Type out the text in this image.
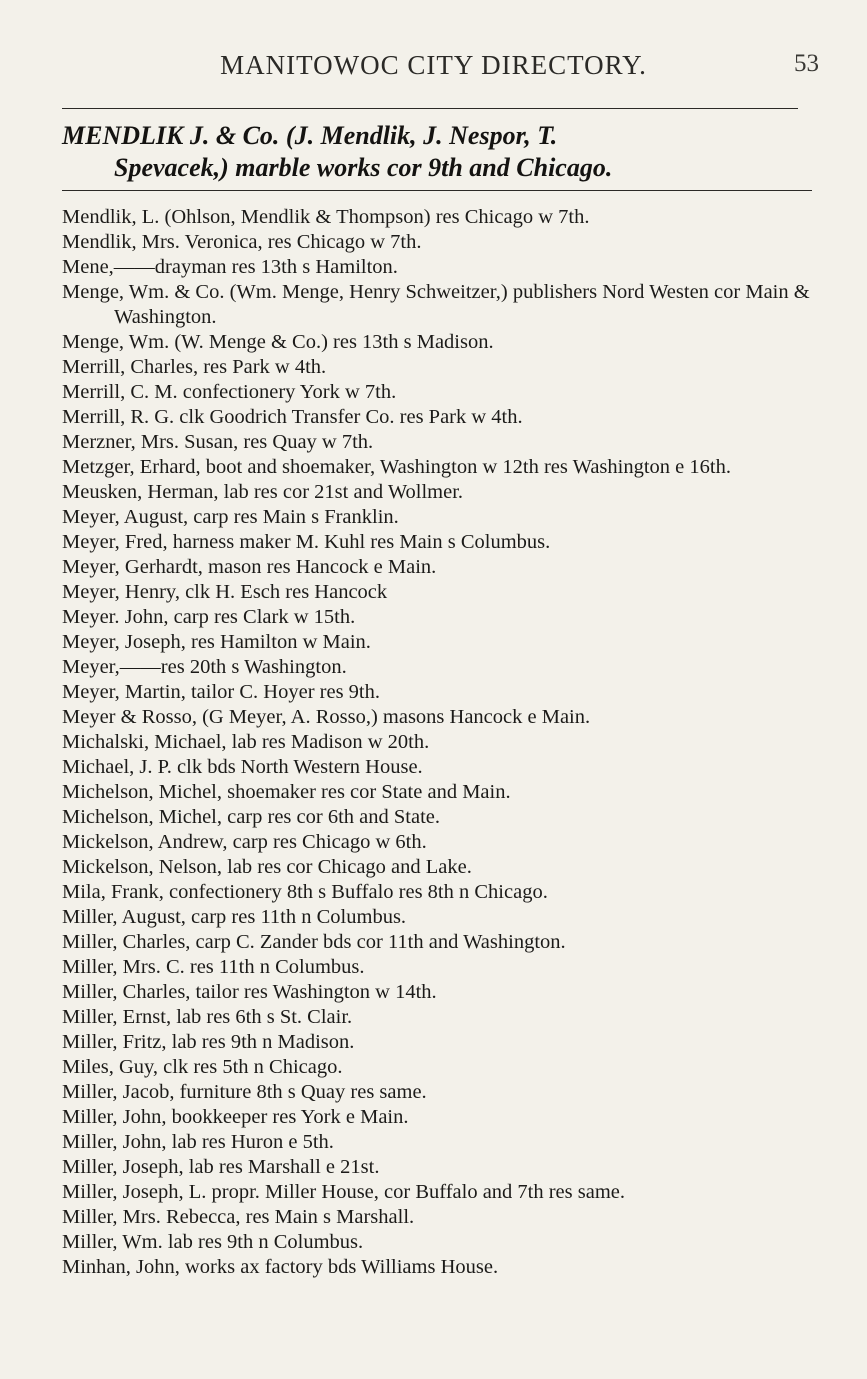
MANITOWOC CITY DIRECTORY.	53
MENDLIK J. & Co. (J. Mendlik, J. Nespor, T.
Spevacek,) marble works cor 9th and Chicago.
Mendlik, L. (Ohlson, Mendlik & Thompson) res Chicago w 7th.
Mendlik, Mrs. Veronica, res Chicago w 7th.
Mene,——drayman res 13th s Hamilton.
Menge, Wm. & Co. (Wm. Menge, Henry Schweitzer,) publishers Nord Westen cor Main & Washington.
Menge, Wm. (W. Menge & Co.) res 13th s Madison.
Merrill, Charles, res Park w 4th.
Merrill, C. M. confectionery York w 7th.
Merrill, R. G. clk Goodrich Transfer Co. res Park w 4th.
Merzner, Mrs. Susan, res Quay w 7th.
Metzger, Erhard, boot and shoemaker, Washington w 12th res Washington e 16th.
Meusken, Herman, lab res cor 21st and Wollmer.
Meyer, August, carp res Main s Franklin.
Meyer, Fred, harness maker M. Kuhl res Main s Columbus.
Meyer, Gerhardt, mason res Hancock e Main.
Meyer, Henry, clk H. Esch res Hancock
Meyer. John, carp res Clark w 15th.
Meyer, Joseph, res Hamilton w Main.
Meyer,——res 20th s Washington.
Meyer, Martin, tailor C. Hoyer res 9th.
Meyer & Rosso, (G Meyer, A. Rosso,) masons Hancock e Main.
Michalski, Michael, lab res Madison w 20th.
Michael, J. P. clk bds North Western House.
Michelson, Michel, shoemaker res cor State and Main.
Michelson, Michel, carp res cor 6th and State.
Mickelson, Andrew, carp res Chicago w 6th.
Mickelson, Nelson, lab res cor Chicago and Lake.
Mila, Frank, confectionery 8th s Buffalo res 8th n Chicago.
Miller, August, carp res 11th n Columbus.
Miller, Charles, carp C. Zander bds cor 11th and Washington.
Miller, Mrs. C. res 11th n Columbus.
Miller, Charles, tailor res Washington w 14th.
Miller, Ernst, lab res 6th s St. Clair.
Miller, Fritz, lab res 9th n Madison.
Miles, Guy, clk res 5th n Chicago.
Miller, Jacob, furniture 8th s Quay res same.
Miller, John, bookkeeper res York e Main.
Miller, John, lab res Huron e 5th.
Miller, Joseph, lab res Marshall e 21st.
Miller, Joseph, L. propr. Miller House, cor Buffalo and 7th res same.
Miller, Mrs. Rebecca, res Main s Marshall.
Miller, Wm. lab res 9th n Columbus.
Minhan, John, works ax factory bds Williams House.
